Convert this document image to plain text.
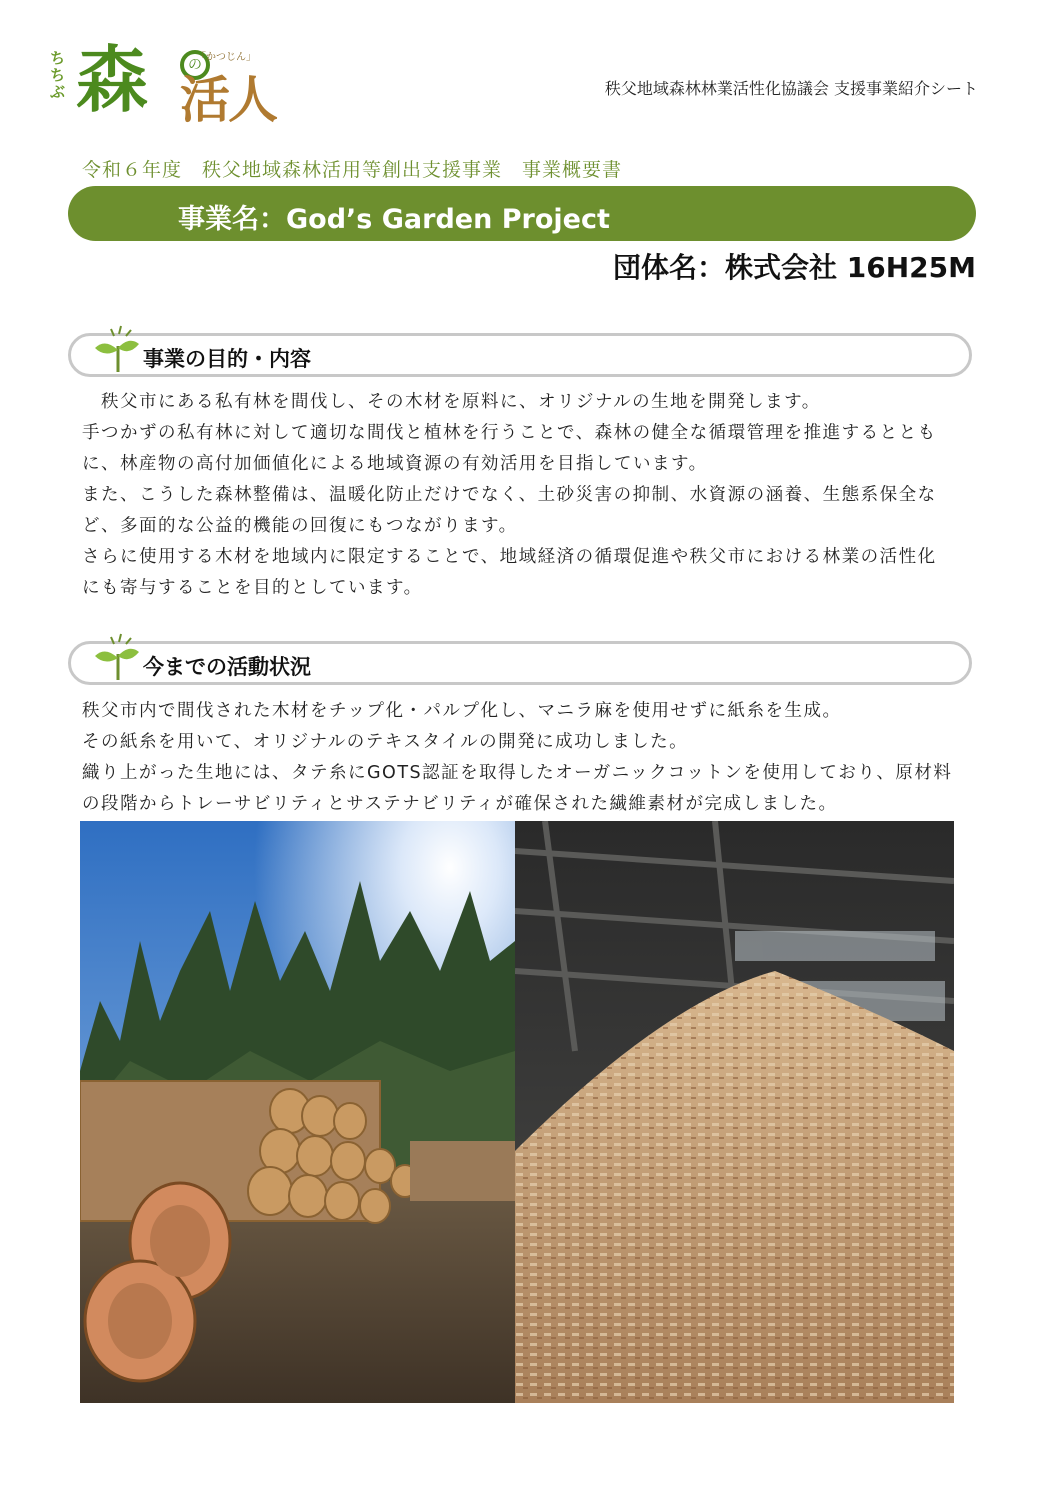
ちちぶ 森	の
「かつじん」
活人	秩父地域森林林業活性化協議会 支援事業紹介シート
令和６年度　秩父地域森林活用等創出支援事業　事業概要書
事業名：God’s Garden Project
団体名：株式会社 16H25M
事業の目的・内容

　秩父市にある私有林を間伐し、その木材を原料に、オリジナルの生地を開発します。

手つかずの私有林に対して適切な間伐と植林を行うことで、森林の健全な循環管理を推進するととも

に、林産物の高付加価値化による地域資源の有効活用を目指しています。

また、こうした森林整備は、温暖化防止だけでなく、土砂災害の抑制、水資源の涵養、生態系保全な

ど、多面的な公益的機能の回復にもつながります。

さらに使用する木材を地域内に限定することで、地域経済の循環促進や秩父市における林業の活性化

にも寄与することを目的としています。

今までの活動状況

秩父市内で間伐された木材をチップ化・パルプ化し、マニラ麻を使用せずに紙糸を生成。

その紙糸を用いて、オリジナルのテキスタイルの開発に成功しました。

織り上がった生地には、タテ糸にGOTS認証を取得したオーガニックコットンを使用しており、原材料

の段階からトレーサビリティとサステナビリティが確保された繊維素材が完成しました。
